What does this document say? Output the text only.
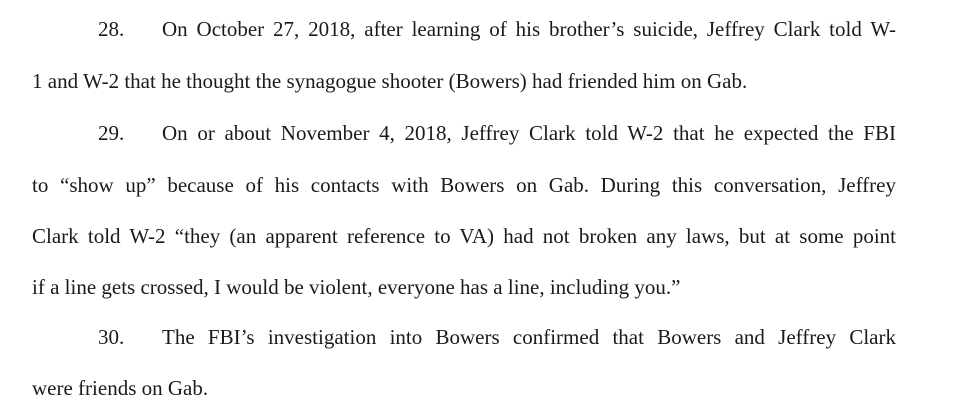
28. On October 27, 2018, after learning of his brother’s suicide, Jeffrey Clark told W-
1 and W-2 that he thought the synagogue shooter (Bowers) had friended him on Gab.
29. On or about November 4, 2018, Jeffrey Clark told W-2 that he expected the FBI
to “show up” because of his contacts with Bowers on Gab. During this conversation, Jeffrey
Clark told W-2 “they (an apparent reference to VA) had not broken any laws, but at some point
if a line gets crossed, I would be violent, everyone has a line, including you.”
30. The FBI’s investigation into Bowers confirmed that Bowers and Jeffrey Clark
were friends on Gab.
